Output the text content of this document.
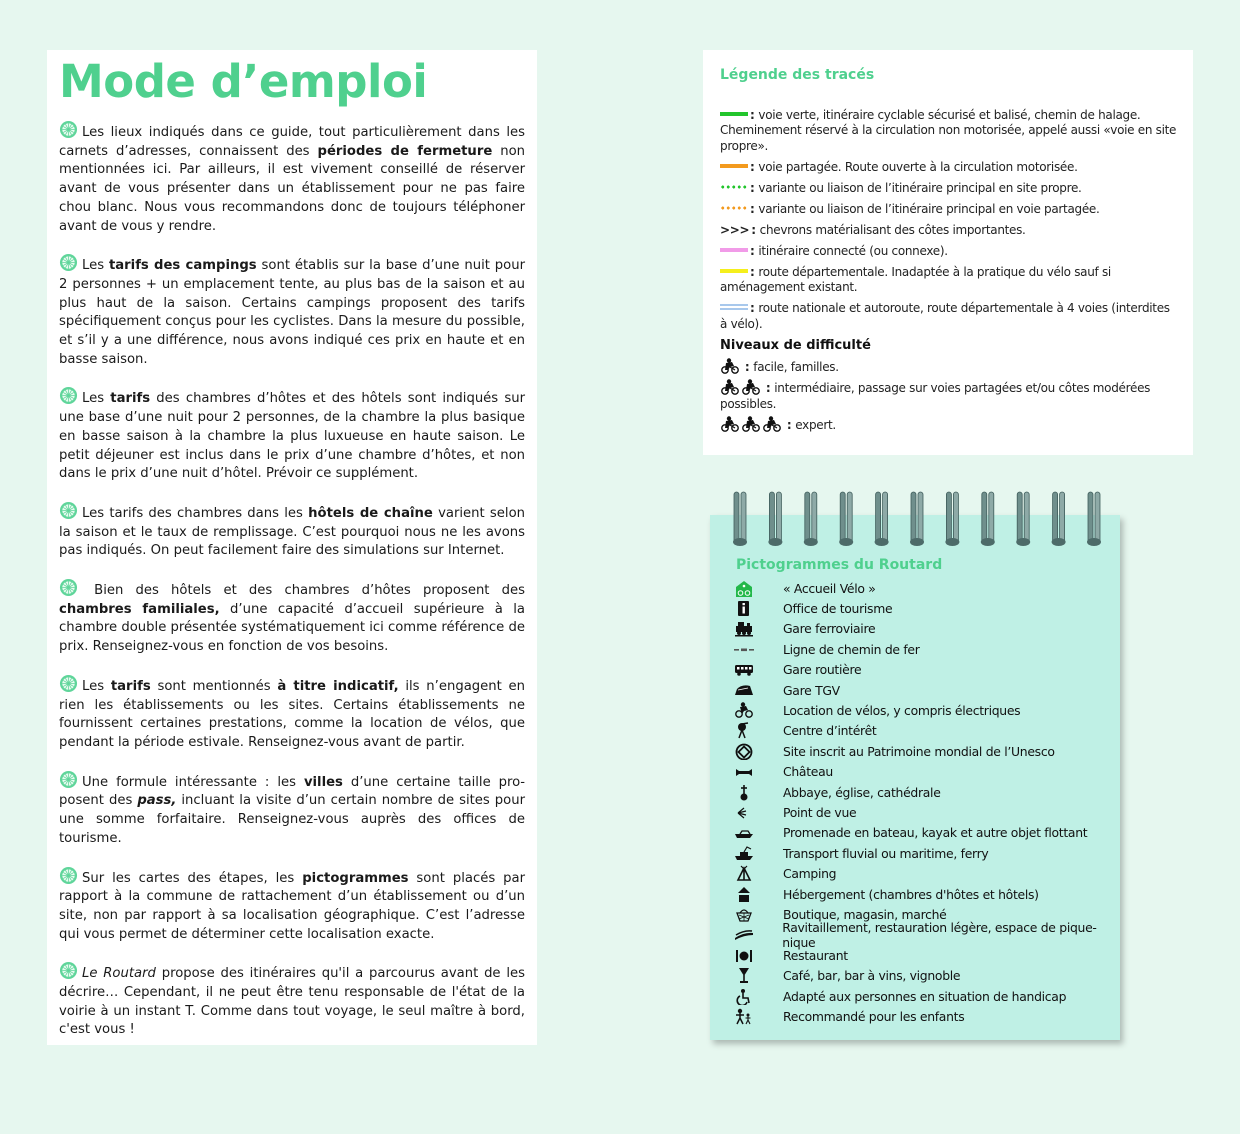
Mode d’emploi

Les lieux indiqués dans ce guide, tout particulièrement dans les carnets d’adresses, connaissent des périodes de fermeture non mentionnées ici. Par ailleurs, il est vivement conseillé de réserver avant de vous présenter dans un établissement pour ne pas faire chou blanc. Nous vous recommandons donc de toujours téléphoner avant de vous y rendre.

Les tarifs des campings sont établis sur la base d’une nuit pour 2 personnes + un emplacement tente, au plus bas de la saison et au plus haut de la saison. Certains campings proposent des tarifs spécifiquement conçus pour les cyclistes. Dans la mesure du possible, et s’il y a une différence, nous avons indiqué ces prix en haute et en basse saison.

Les tarifs des chambres d’hôtes et des hôtels sont indiqués sur une base d’une nuit pour 2 personnes, de la chambre la plus basique en basse saison à la chambre la plus luxueuse en haute saison. Le petit déjeuner est inclus dans le prix d’une chambre d’hôtes, et non dans le prix d’une nuit d’hôtel. Prévoir ce supplément.

Les tarifs des chambres dans les hôtels de chaîne varient selon la saison et le taux de remplissage. C’est pourquoi nous ne les avons pas indiqués. On peut facilement faire des simulations sur Internet.

Bien des hôtels et des chambres d’hôtes proposent des chambres familiales, d’une capacité d’accueil supérieure à la chambre double présentée systématiquement ici comme référence de prix. Renseignez-vous en fonction de vos besoins.

Les tarifs sont mentionnés à titre indicatif, ils n’engagent en rien les établissements ou les sites. Certains établissements ne fournissent certaines prestations, comme la location de vélos, que pendant la période estivale. Renseignez-vous avant de partir.

Une formule intéressante : les villes d’une certaine taille proposent des pass, incluant la visite d’un certain nombre de sites pour une somme forfaitaire. Renseignez-vous auprès des offices de tourisme.

Sur les cartes des étapes, les pictogrammes sont placés par rapport à la commune de rattachement d’un établissement ou d’un site, non par rapport à sa localisation géographique. C’est l’adresse qui vous permet de déterminer cette localisation exacte.

Le Routard propose des itinéraires qu'il a parcourus avant de les décrire… Cependant, il ne peut être tenu responsable de l'état de la voirie à un instant T. Comme dans tout voyage, le seul maître à bord, c'est vous !

Légende des tracés
: voie verte, itinéraire cyclable sécurisé et balisé, chemin de halage. Cheminement réservé à la circulation non motorisée, appelé aussi «voie en site propre».
: voie partagée. Route ouverte à la circulation motorisée.
: variante ou liaison de l’itinéraire principal en site propre.
: variante ou liaison de l’itinéraire principal en voie partagée.
>>> : chevrons matérialisant des côtes importantes.
: itinéraire connecté (ou connexe).
: route départementale. Inadaptée à la pratique du vélo sauf si aménagement existant.
: route nationale et autoroute, route départementale à 4 voies (interdites à vélo).
Niveaux de difficulté
: facile, familles.
: intermédiaire, passage sur voies partagées et/ou côtes modérées possibles.
: expert.
Pictogrammes du Routard
« Accueil Vélo »
Office de tourisme
Gare ferroviaire
Ligne de chemin de fer
Gare routière
Gare TGV
Location de vélos, y compris électriques
Centre d’intérêt
Site inscrit au Patrimoine mondial de l’Unesco
Château
Abbaye, église, cathédrale
Point de vue
Promenade en bateau, kayak et autre objet flottant
Transport fluvial ou maritime, ferry
Camping
Hébergement (chambres d'hôtes et hôtels)
Boutique, magasin, marché
Ravitaillement, restauration légère, espace de pique-nique
Restaurant
Café, bar, bar à vins, vignoble
Adapté aux personnes en situation de handicap
Recommandé pour les enfants
